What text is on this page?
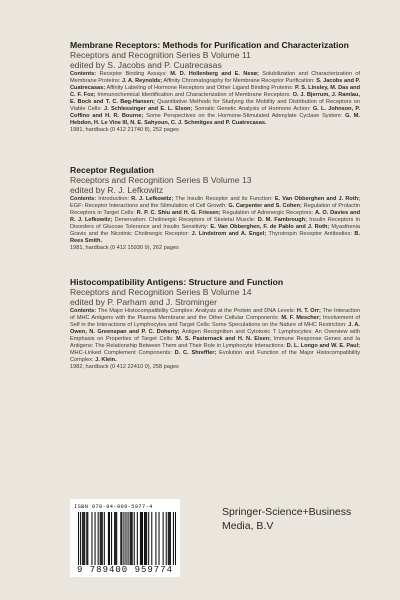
Membrane Receptors: Methods for Purification and Characterization
Receptors and Recognition Series B Volume 11
edited by S. Jacobs and P. Cuatrecasas
Contents: Receptor Binding Assays: M. D. Hollenberg and E. Nexø; Solubilization and Characterization of Membrane Proteins: J. A. Reynolds; Affinity Chromatography for Membrane Receptor Purification: S. Jacobs and P. Cuatrecasas; Affinity Labeling of Hormone Receptors and Other Ligand Binding Proteins: P. S. Linsley, M. Das and C. F. Fox; Immunochemical Identification and Characterization of Membrane Receptors: O. J. Bjerrum, J. Ramlau, E. Bock and T. C. Bøg-Hansen; Quantitative Methods for Studying the Mobility and Distribution of Receptors on Viable Cells: J. Schlessinger and E. L. Elson; Somatic Genetic Analysis of Hormone Action: G. L. Johnson, P. Coffino and H. R. Bourne; Some Perspectives on the Hormone-Stimulated Adenylate Cyclase System: G. M. Hebdon, H. Le Vine III, N. E. Sahyoun, C. J. Schmitges and P. Cuatrecasas.
1981, hardback (0 412 21740 8), 252 pages
Receptor Regulation
Receptors and Recognition Series B Volume 13
edited by R. J. Lefkowitz
Contents: Introduction: R. J. Lefkowitz; The Insulin Receptor and its Function: E. Van Obberghen and J. Roth; EGF: Receptor Interactions and the Stimulation of Cell Growth: G. Carpenter and S. Cohen; Regulation of Prolactin Receptors in Target Cells: R. P. C. Shiu and H. G. Friesen; Regulation of Adrenergic Receptors: A. O. Davies and R. J. Lefkowitz; Denervation: Cholinergic Receptors of Skeletal Muscle: D. M. Fambrough; Insulin Receptors in Disorders of Glucose Tolerance and Insulin Sensitivity: E. Van Obberghen, F. de Pablo and J. Roth; Myasthenia Gravis and the Nicotinic Cholinergic Receptor: J. Lindstrom and A. Engel; Thyrotropin Receptor Antibodies: B. Rees Smith.
1981, hardback (0 412 15930 9), 262 pages
Histocompatibility Antigens: Structure and Function
Receptors and Recognition Series B Volume 14
edited by P. Parham and J. Strominger
Contents: The Major Histocompatibility Complex: Analysis at the Protein and DNA Levels: H. T. Orr; The Interaction of MHC Antigens with the Plasma Membrane and the Other Cellular Components: M. F. Mescher; Involvement of Self in the Interactions of Lymphocytes and Target Cells: Some Speculations on the Nature of MHC Restriction: J. A. Owen, N. Greenspan and P. C. Doherty; Antigen Recognition and Cytotoxic T Lymphocytes: An Overview with Emphasis on Properties of Target Cells: M. S. Pasternack and H. N. Eisen; Immune Response Genes and Ia Antigens: The Relationship Between Them and Their Role in Lymphocyte Interactions: D. L. Longo and W. E. Paul; MHC-Linked Complement Components: D. C. Shreffler; Evolution and Function of the Major Histocompatibility Complex: J. Klein.
1982, hardback (0 412 22410 0), 258 pages
ISBN 978-94-009-5977-4
9 789400 959774
Springer-Science+Business
Media, B.V
